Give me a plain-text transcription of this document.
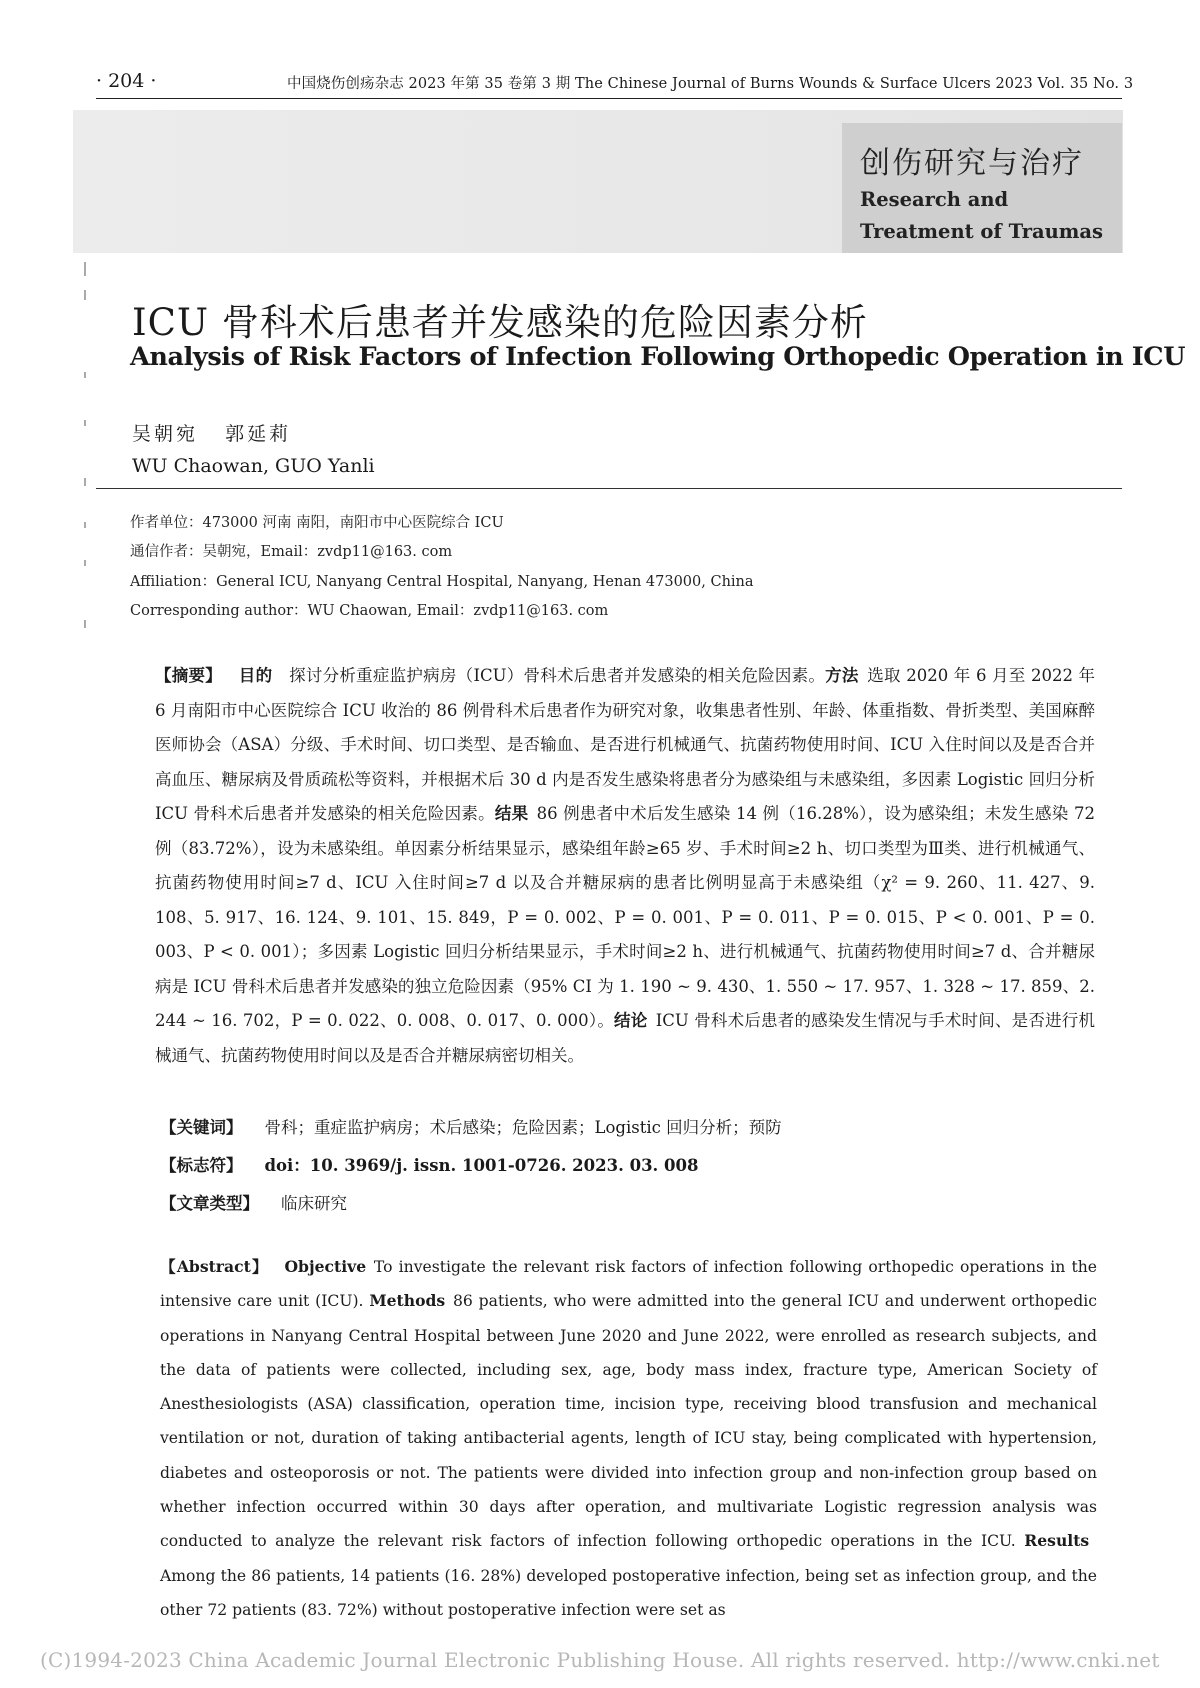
· 204 ·	中国烧伤创疡杂志 2023 年第 35 卷第 3 期 The Chinese Journal of Burns Wounds & Surface Ulcers 2023 Vol. 35 No. 3
创伤研究与治疗
Research and Treatment of Traumas
ICU 骨科术后患者并发感染的危险因素分析
Analysis of Risk Factors of Infection Following Orthopedic Operation in ICU
吴朝宛   郭延莉
WU Chaowan, GUO Yanli
作者单位：473000 河南 南阳，南阳市中心医院综合 ICU
通信作者：吴朝宛，Email：zvdp11@163. com
Affiliation：General ICU, Nanyang Central Hospital, Nanyang, Henan 473000, China
Corresponding author：WU Chaowan, Email：zvdp11@163. com
【摘要】  目的  探讨分析重症监护病房（ICU）骨科术后患者并发感染的相关危险因素。方法  选取 2020 年 6 月至 2022 年 6 月南阳市中心医院综合 ICU 收治的 86 例骨科术后患者作为研究对象，收集患者性别、年龄、体重指数、骨折类型、美国麻醉医师协会（ASA）分级、手术时间、切口类型、是否输血、是否进行机械通气、抗菌药物使用时间、ICU 入住时间以及是否合并高血压、糖尿病及骨质疏松等资料，并根据术后 30 d 内是否发生感染将患者分为感染组与未感染组，多因素 Logistic 回归分析 ICU 骨科术后患者并发感染的相关危险因素。结果  86 例患者中术后发生感染 14 例（16.28%），设为感染组；未发生感染 72 例（83.72%），设为未感染组。单因素分析结果显示，感染组年龄≥65 岁、手术时间≥2 h、切口类型为Ⅲ类、进行机械通气、抗菌药物使用时间≥7 d、ICU 入住时间≥7 d 以及合并糖尿病的患者比例明显高于未感染组（χ² = 9. 260、11. 427、9. 108、5. 917、16. 124、9. 101、15. 849，P = 0. 002、P = 0. 001、P = 0. 011、P = 0. 015、P < 0. 001、P = 0. 003、P < 0. 001）；多因素 Logistic 回归分析结果显示，手术时间≥2 h、进行机械通气、抗菌药物使用时间≥7 d、合并糖尿病是 ICU 骨科术后患者并发感染的独立危险因素（95% CI 为 1. 190 ~ 9. 430、1. 550 ~ 17. 957、1. 328 ~ 17. 859、2. 244 ~ 16. 702，P = 0. 022、0. 008、0. 017、0. 000）。结论  ICU 骨科术后患者的感染发生情况与手术时间、是否进行机械通气、抗菌药物使用时间以及是否合并糖尿病密切相关。
【关键词】 骨科；重症监护病房；术后感染；危险因素；Logistic 回归分析；预防
【标志符】 doi：10. 3969/j. issn. 1001-0726. 2023. 03. 008
【文章类型】 临床研究
【Abstract】  Objective  To investigate the relevant risk factors of infection following orthopedic operations in the intensive care unit (ICU). Methods  86 patients, who were admitted into the general ICU and underwent orthopedic operations in Nanyang Central Hospital between June 2020 and June 2022, were enrolled as research subjects, and the data of patients were collected, including sex, age, body mass index, fracture type, American Society of Anesthesiologists (ASA) classification, operation time, incision type, receiving blood transfusion and mechanical ventilation or not, duration of taking antibacterial agents, length of ICU stay, being complicated with hypertension, diabetes and osteoporosis or not. The patients were divided into infection group and non-infection group based on whether infection occurred within 30 days after operation, and multivariate Logistic regression analysis was conducted to analyze the relevant risk factors of infection following orthopedic operations in the ICU. Results Among the 86 patients, 14 patients (16. 28%) developed postoperative infection, being set as infection group, and the other 72 patients (83. 72%) without postoperative infection were set as
(C)1994-2023 China Academic Journal Electronic Publishing House. All rights reserved. http://www.cnki.net
